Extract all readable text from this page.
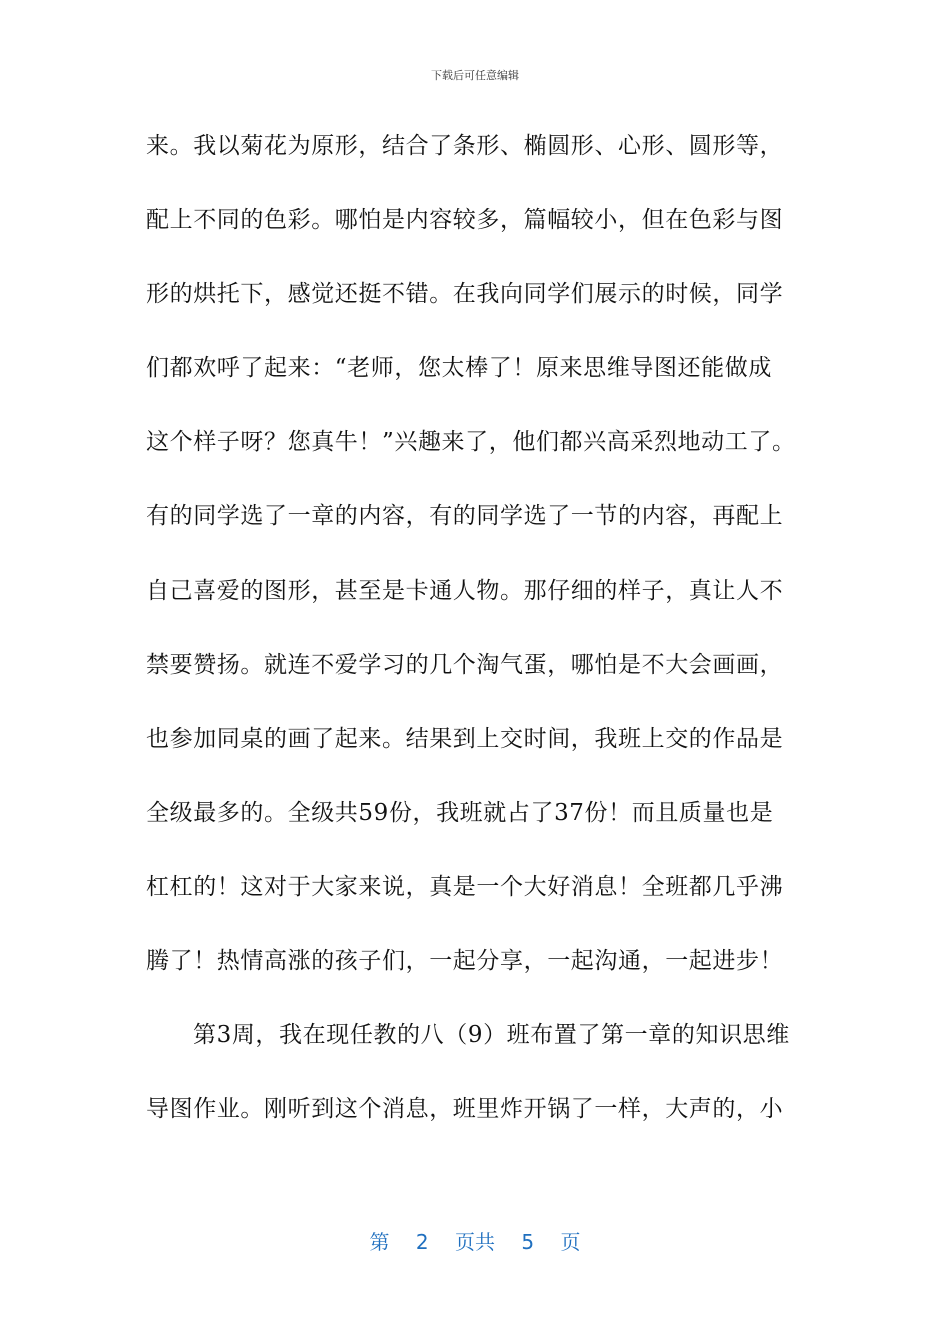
下载后可任意编辑
来。我以菊花为原形，结合了条形、椭圆形、心形、圆形等，
配上不同的色彩。哪怕是内容较多，篇幅较小，但在色彩与图
形的烘托下，感觉还挺不错。在我向同学们展示的时候，同学
们都欢呼了起来：“老师，您太棒了！原来思维导图还能做成
这个样子呀？您真牛！”兴趣来了，他们都兴高采烈地动工了。
有的同学选了一章的内容，有的同学选了一节的内容，再配上
自己喜爱的图形，甚至是卡通人物。那仔细的样子，真让人不
禁要赞扬。就连不爱学习的几个淘气蛋，哪怕是不大会画画，
也参加同桌的画了起来。结果到上交时间，我班上交的作品是
全级最多的。全级共59份，我班就占了37份！而且质量也是
杠杠的！这对于大家来说，真是一个大好消息！全班都几乎沸
腾了！热情高涨的孩子们，一起分享，一起沟通，一起进步！
第3周，我在现任教的八（9）班布置了第一章的知识思维
导图作业。刚听到这个消息，班里炸开锅了一样，大声的，小
第 2 页共 5 页
